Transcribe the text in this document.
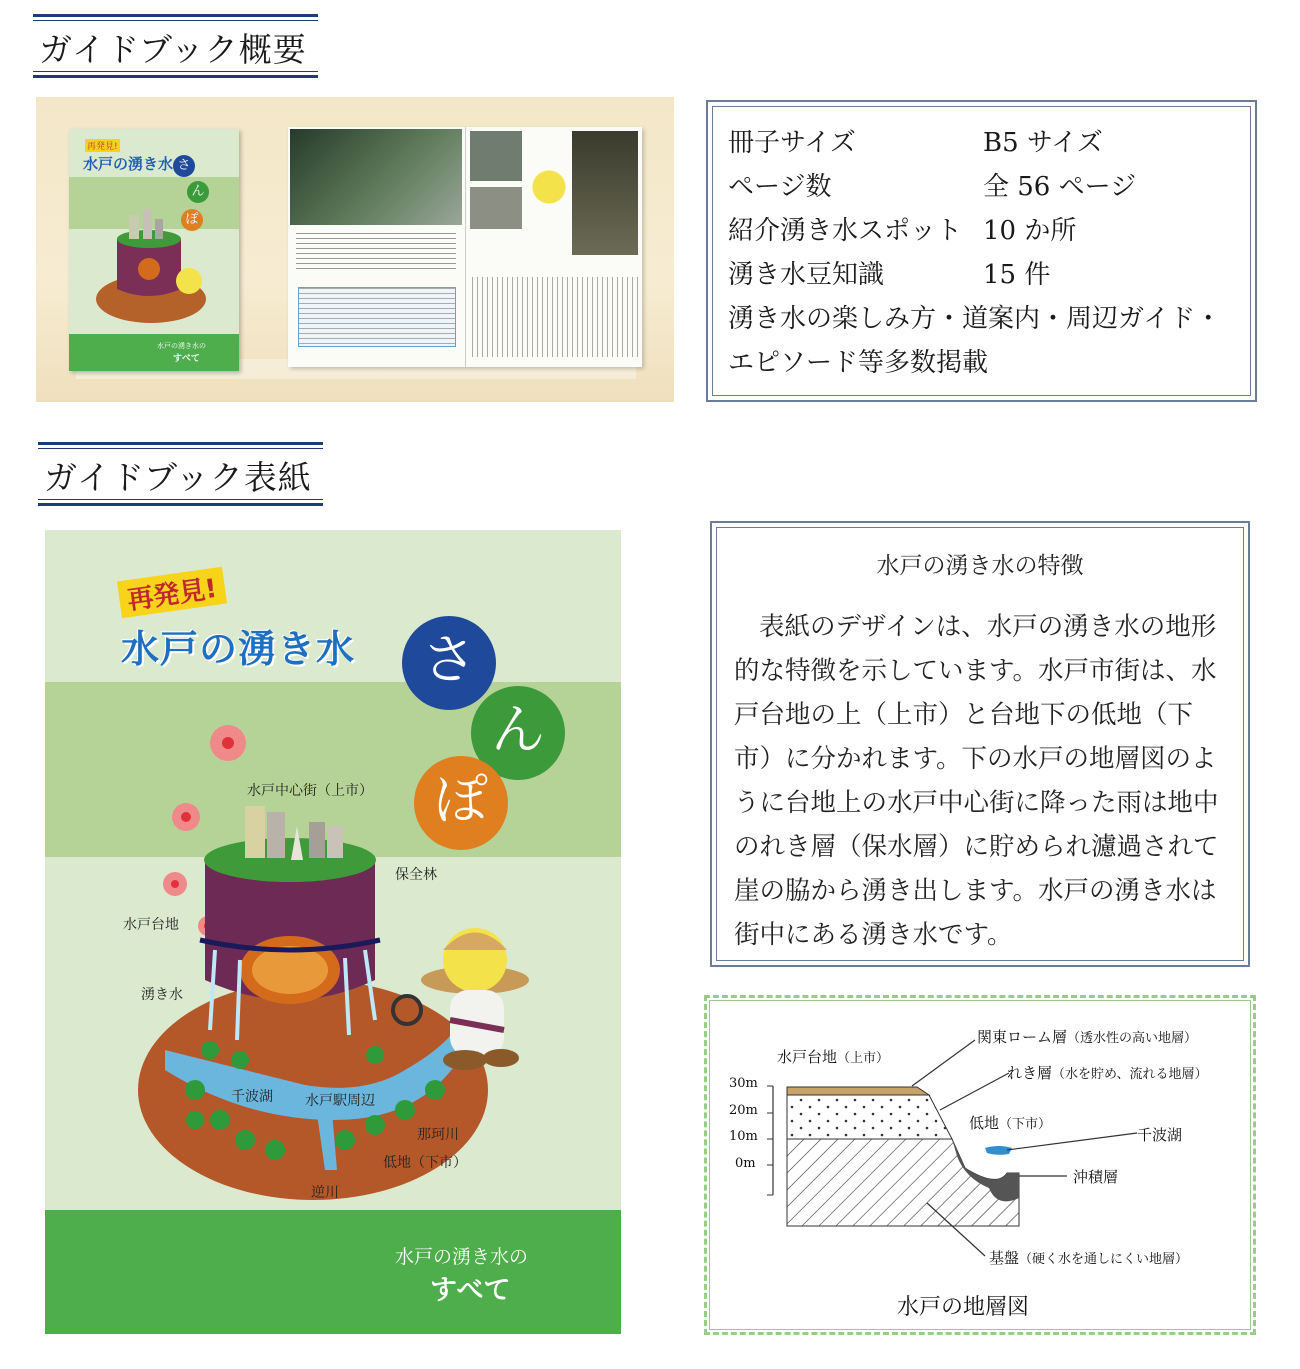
ガイドブック概要
再発見!
水戸の湧き水 さ
ん
ぽ
水戸の湧き水の
すべて
冊子サイズ	B5 サイズ
ページ数	全 56 ページ
紹介湧き水スポット 10 か所
湧き水豆知識	15 件
湧き水の楽しみ方・道案内・周辺ガイド・
エピソード等多数掲載
ガイドブック表紙
再発見!
水戸の湧き水	さ
ん
ぽ
水戸中心街（上市）
保全林
水戸台地
湧き水
千波湖 水戸駅周辺
那珂川
低地（下市）
逆川
水戸の湧き水の
すべて
水戸の湧き水の特徴
表紙のデザインは、水戸の湧き水の地形的な特徴を示しています。水戸市街は、水戸台地の上（上市）と台地下の低地（下市）に分かれます。下の水戸の地層図のように台地上の水戸中心街に降った雨は地中のれき層（保水層）に貯められ濾過されて崖の脇から湧き出します。水戸の湧き水は街中にある湧き水です。
水戸台地（上市）
30m
20m
10m
0m
関東ローム層（透水性の高い地層）
れき層（水を貯め、流れる地層）
低地（下市）
千波湖
沖積層
基盤（硬く水を通しにくい地層）
水戸の地層図
